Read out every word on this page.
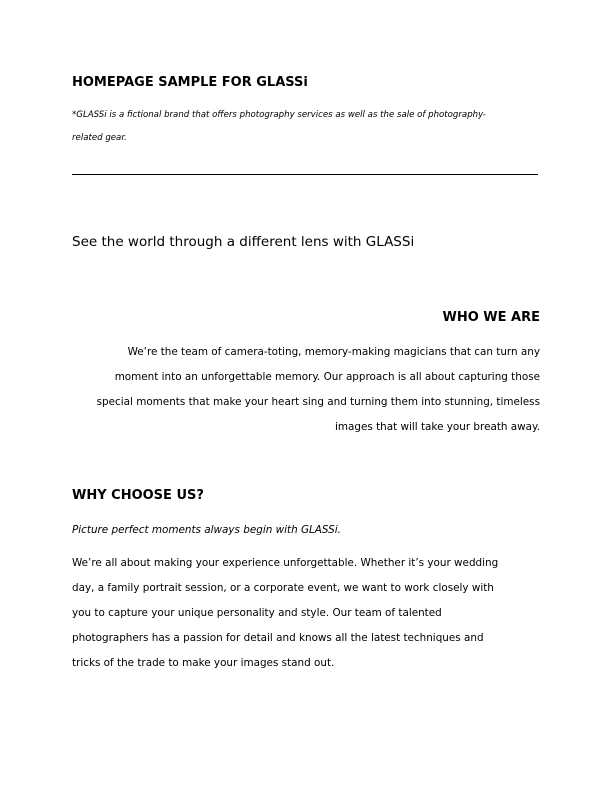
HOMEPAGE SAMPLE FOR GLASSi
*GLASSi is a fictional brand that offers photography services as well as the sale of photography-
related gear.
See the world through a different lens with GLASSi
WHO WE ARE
We’re the team of camera-toting, memory-making magicians that can turn any
moment into an unforgettable memory. Our approach is all about capturing those
special moments that make your heart sing and turning them into stunning, timeless
images that will take your breath away.
WHY CHOOSE US?
Picture perfect moments always begin with GLASSi.
We’re all about making your experience unforgettable. Whether it’s your wedding
day, a family portrait session, or a corporate event, we want to work closely with
you to capture your unique personality and style. Our team of talented
photographers has a passion for detail and knows all the latest techniques and
tricks of the trade to make your images stand out.
